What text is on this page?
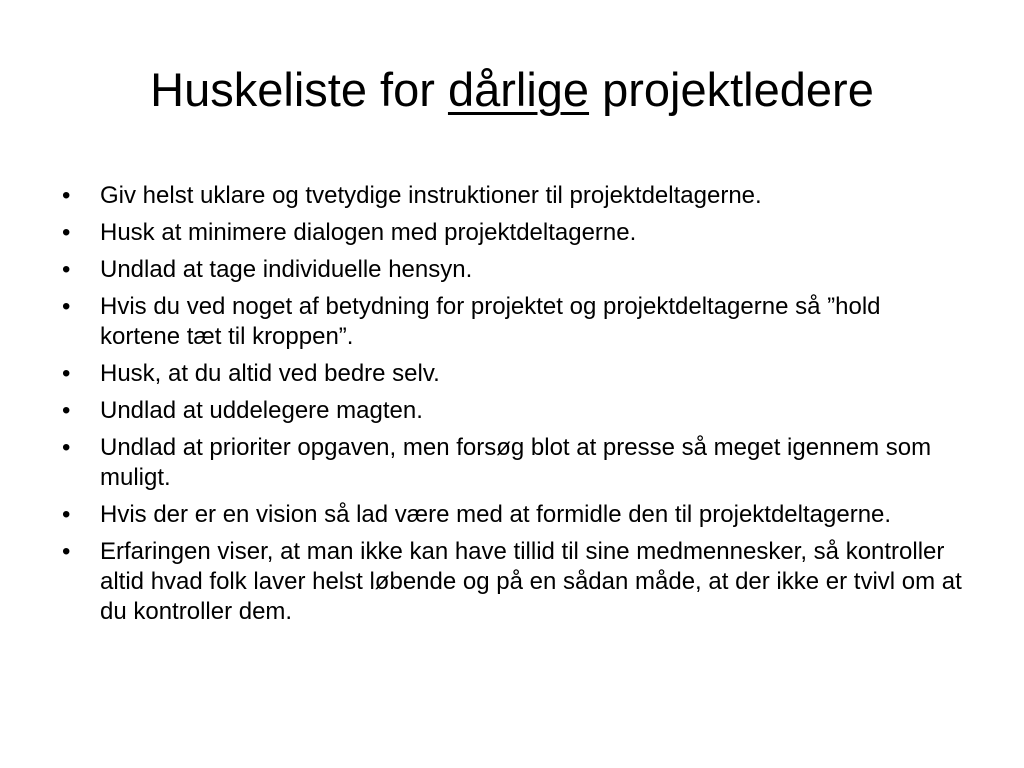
Huskeliste for dårlige projektledere
•	Giv helst uklare og tvetydige instruktioner til projektdeltagerne.
•	Husk at minimere dialogen med projektdeltagerne.
•	Undlad at tage individuelle hensyn.
•	Hvis du ved noget af betydning for projektet og projektdeltagerne så ”hold kortene tæt til kroppen”.
•	Husk, at du altid ved bedre selv.
•	Undlad at uddelegere magten.
•	Undlad at prioriter opgaven, men forsøg blot at presse så meget igennem som muligt.
•	Hvis der er en vision så lad være med at formidle den til projektdeltagerne.
•	Erfaringen viser, at man ikke kan have tillid til sine medmennesker, så kontroller altid hvad folk laver helst løbende og på en sådan måde, at der ikke er tvivl om at du kontroller dem.
